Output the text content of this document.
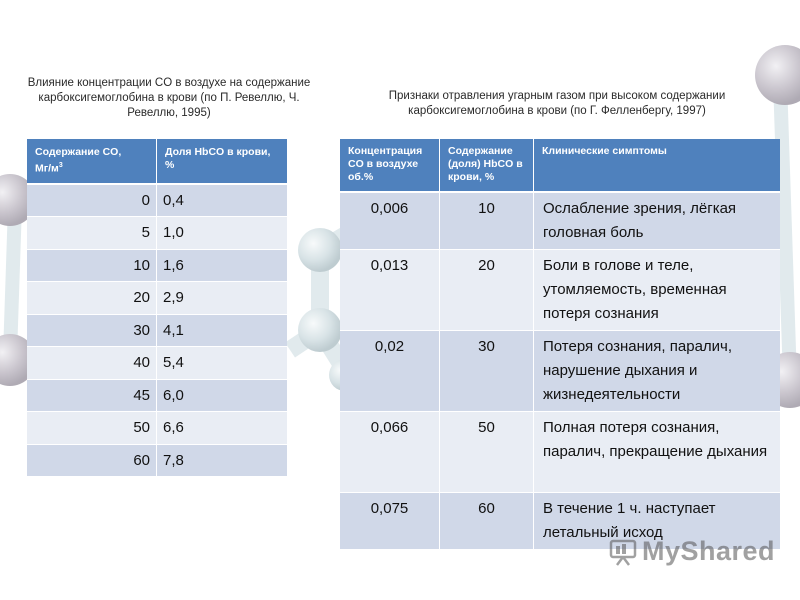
Влияние концентрации CO в воздухе на содержание карбоксигемоглобина в крови (по П. Ревеллю, Ч. Ревеллю, 1995)
Признаки отравления угарным газом при высоком содержании карбоксигемоглобина в крови (по Г. Фелленбергу, 1997)
Содержание CO,
$Мг/м^3$	Доля HbCO в крови, %
0	0,4
5	1,0
10	1,6
20	2,9
30	4,1
40	5,4
45	6,0
50	6,6
60	7,8
Концентрация CO в воздухе об.%	Содержание (доля) HbCO в крови, %	Клинические симптомы
0,006	10	Ослабление зрения, лёгкая головная боль
0,013	20	Боли в голове и теле, утомляемость, временная потеря сознания
0,02	30	Потеря сознания, паралич, нарушение дыхания и жизнедеятельности
0,066	50	Полная потеря сознания, паралич, прекращение дыхания
0,075	60	В течение 1 ч. наступает летальный исход
MyShared
